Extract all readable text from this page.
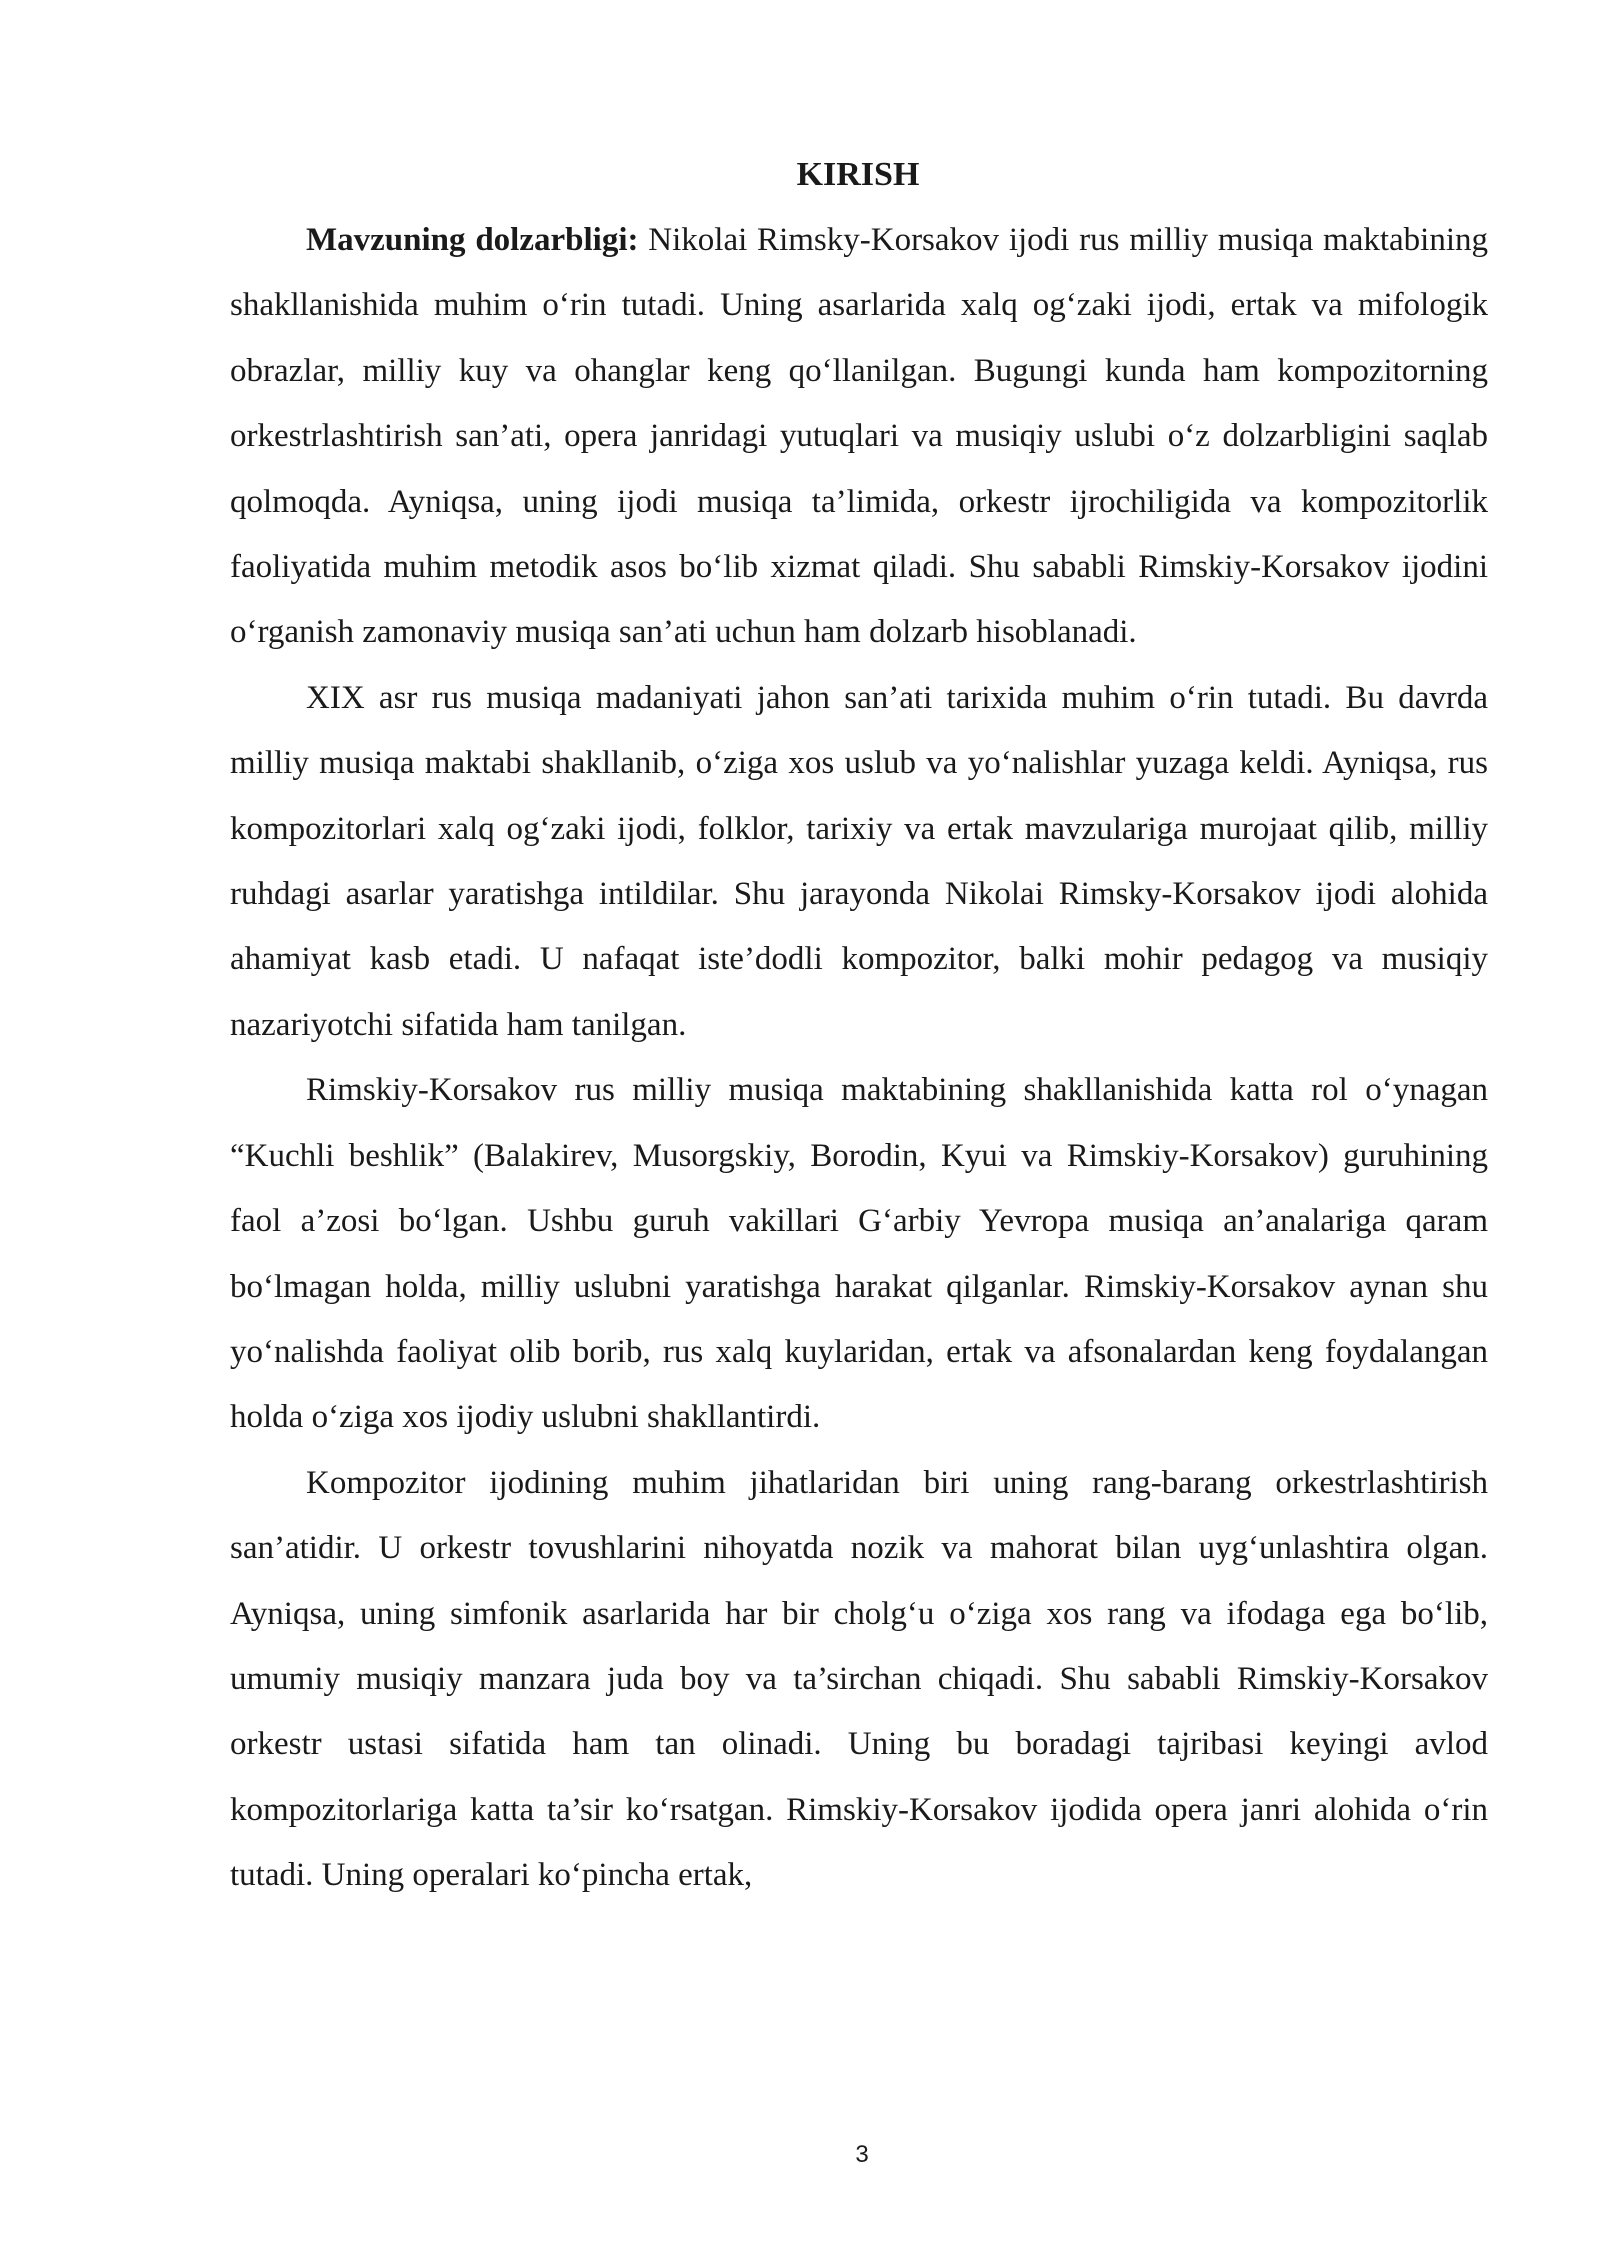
KIRISH

Mavzuning dolzarbligi: Nikolai Rimsky-Korsakov ijodi rus milliy musiqa maktabining shakllanishida muhim o‘rin tutadi. Uning asarlarida xalq og‘zaki ijodi, ertak va mifologik obrazlar, milliy kuy va ohanglar keng qo‘llanilgan. Bugungi kunda ham kompozitorning orkestrlashtirish san’ati, opera janridagi yutuqlari va musiqiy uslubi o‘z dolzarbligini saqlab qolmoqda. Ayniqsa, uning ijodi musiqa ta’limida, orkestr ijrochiligida va kompozitorlik faoliyatida muhim metodik asos bo‘lib xizmat qiladi. Shu sababli Rimskiy-Korsakov ijodini o‘rganish zamonaviy musiqa san’ati uchun ham dolzarb hisoblanadi.

XIX asr rus musiqa madaniyati jahon san’ati tarixida muhim o‘rin tutadi. Bu davrda milliy musiqa maktabi shakllanib, o‘ziga xos uslub va yo‘nalishlar yuzaga keldi. Ayniqsa, rus kompozitorlari xalq og‘zaki ijodi, folklor, tarixiy va ertak mavzulariga murojaat qilib, milliy ruhdagi asarlar yaratishga intildilar. Shu jarayonda Nikolai Rimsky-Korsakov ijodi alohida ahamiyat kasb etadi. U nafaqat iste’dodli kompozitor, balki mohir pedagog va musiqiy nazariyotchi sifatida ham tanilgan.

Rimskiy-Korsakov rus milliy musiqa maktabining shakllanishida katta rol o‘ynagan “Kuchli beshlik” (Balakirev, Musorgskiy, Borodin, Kyui va Rimskiy-Korsakov) guruhining faol a’zosi bo‘lgan. Ushbu guruh vakillari G‘arbiy Yevropa musiqa an’analariga qaram bo‘lmagan holda, milliy uslubni yaratishga harakat qilganlar. Rimskiy-Korsakov aynan shu yo‘nalishda faoliyat olib borib, rus xalq kuylaridan, ertak va afsonalardan keng foydalangan holda o‘ziga xos ijodiy uslubni shakllantirdi.

Kompozitor ijodining muhim jihatlaridan biri uning rang-barang orkestrlashtirish san’atidir. U orkestr tovushlarini nihoyatda nozik va mahorat bilan uyg‘unlashtira olgan. Ayniqsa, uning simfonik asarlarida har bir cholg‘u o‘ziga xos rang va ifodaga ega bo‘lib, umumiy musiqiy manzara juda boy va ta’sirchan chiqadi. Shu sababli Rimskiy-Korsakov orkestr ustasi sifatida ham tan olinadi. Uning bu boradagi tajribasi keyingi avlod kompozitorlariga katta ta’sir ko‘rsatgan. Rimskiy-Korsakov ijodida opera janri alohida o‘rin tutadi. Uning operalari ko‘pincha ertak,

3
